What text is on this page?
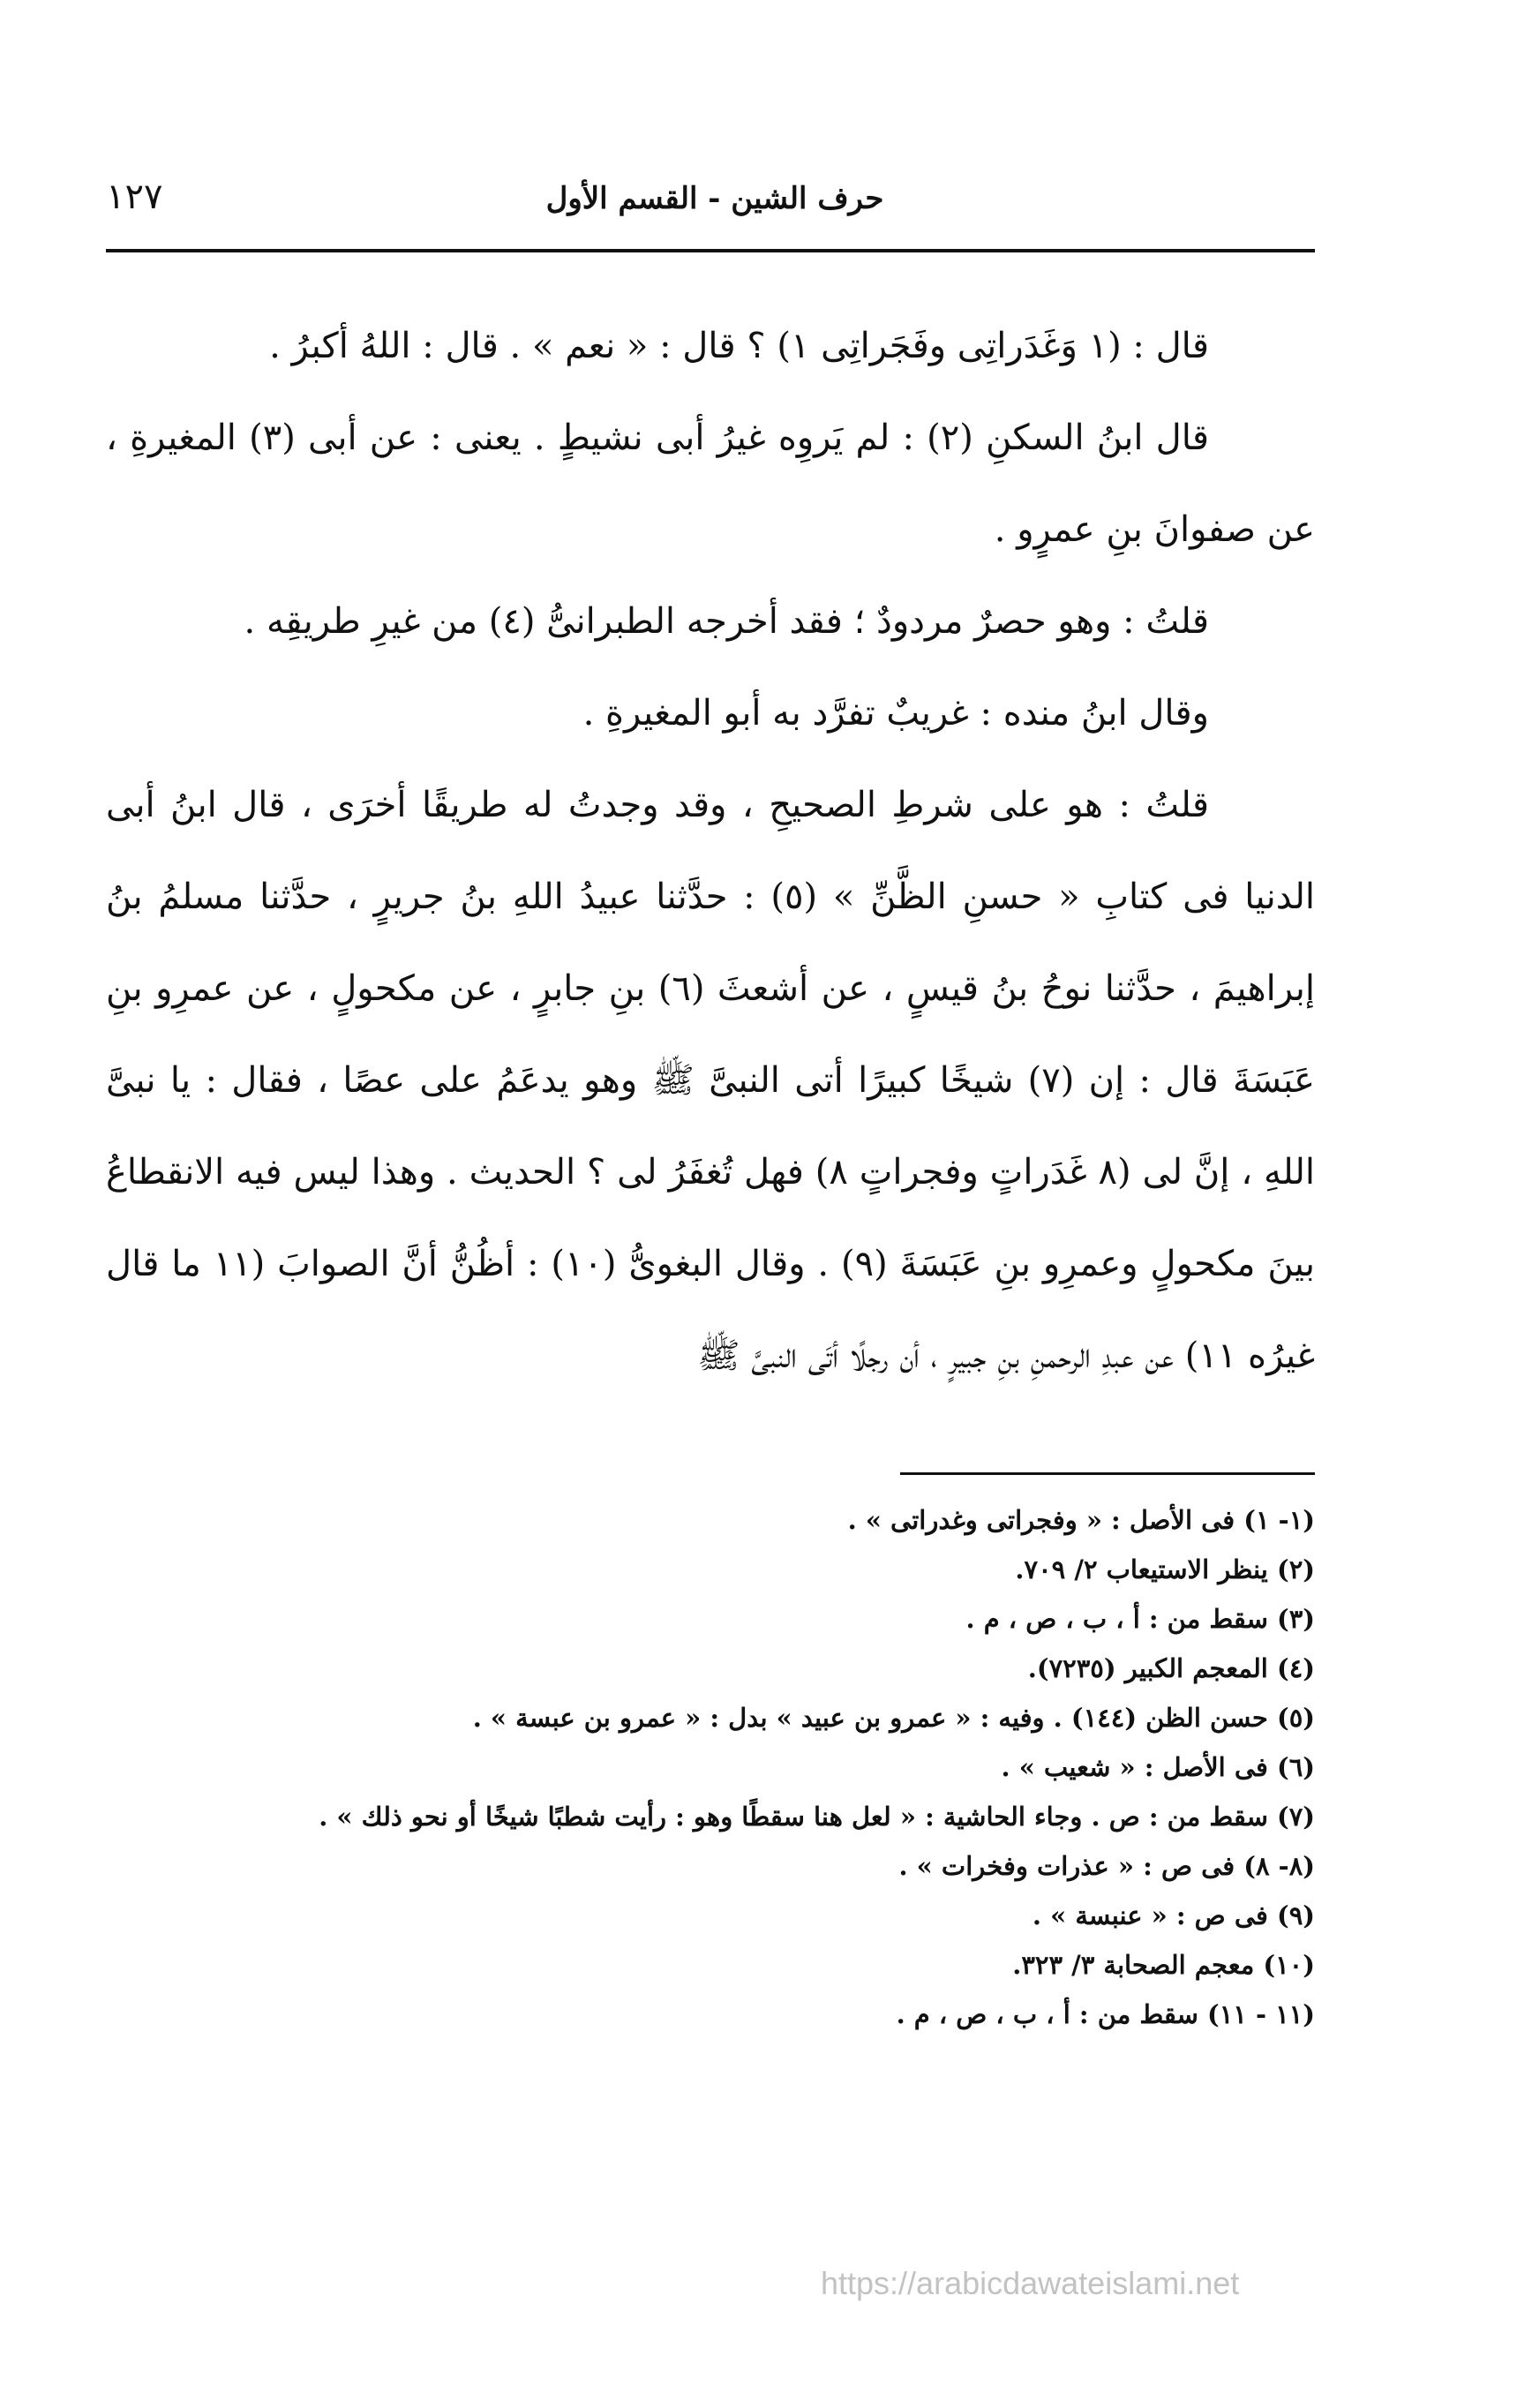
حرف الشين - القسم الأول
١٢٧

قال : (١ وَغَدَراتِى وفَجَراتِى ١) ؟ قال : « نعم » . قال : اللهُ أكبرُ .

قال ابنُ السكنِ (٢) : لم يَروِه غيرُ أبى نشيطٍ . يعنى : عن أبى (٣) المغيرةِ ، عن صفوانَ بنِ عمرٍو .

قلتُ : وهو حصرٌ مردودٌ ؛ فقد أخرجه الطبرانىُّ (٤) من غيرِ طريقِه .

وقال ابنُ منده : غريبٌ تفرَّد به أبو المغيرةِ .

قلتُ : هو على شرطِ الصحيحِ ، وقد وجدتُ له طريقًا أخرَى ، قال ابنُ أبى الدنيا فى كتابِ « حسنِ الظَّنِّ » (٥) : حدَّثنا عبيدُ اللهِ بنُ جريرٍ ، حدَّثنا مسلمُ بنُ إبراهيمَ ، حدَّثنا نوحُ بنُ قيسٍ ، عن أشعثَ (٦) بنِ جابرٍ ، عن مكحولٍ ، عن عمرِو بنِ عَبَسَةَ قال : إن (٧) شيخًا كبيرًا أتى النبىَّ ﷺ وهو يدعَمُ على عصًا ، فقال : يا نبىَّ اللهِ ، إنَّ لى (٨ غَدَراتٍ وفجراتٍ ٨) فهل تُغفَرُ لى ؟ الحديث . وهذا ليس فيه الانقطاعُ بينَ مكحولٍ وعمرِو بنِ عَبَسَةَ (٩) . وقال البغوىُّ (١٠) : أظُنُّ أنَّ الصوابَ (١١ ما قال غيرُه ١١) عن عبدِ الرحمنِ بنِ جبيرٍ ، أن رجلًا أتَى النبىَّ ﷺ

(١- ١) فى الأصل : « وفجراتى وغدراتى » .
(٢) ينظر الاستيعاب ٢/ ٧٠٩.
(٣) سقط من : أ ، ب ، ص ، م .
(٤) المعجم الكبير (٧٢٣٥).
(٥) حسن الظن (١٤٤) . وفيه : « عمرو بن عبيد » بدل : « عمرو بن عبسة » .
(٦) فى الأصل : « شعيب » .
(٧) سقط من : ص . وجاء الحاشية : « لعل هنا سقطًا وهو : رأيت شطبًا شيخًا أو نحو ذلك » .
(٨- ٨) فى ص : « عذرات وفخرات » .
(٩) فى ص : « عنبسة » .
(١٠) معجم الصحابة ٣/ ٣٢٣.
(١١ - ١١) سقط من : أ ، ب ، ص ، م .
https://arabicdawateislami.net
